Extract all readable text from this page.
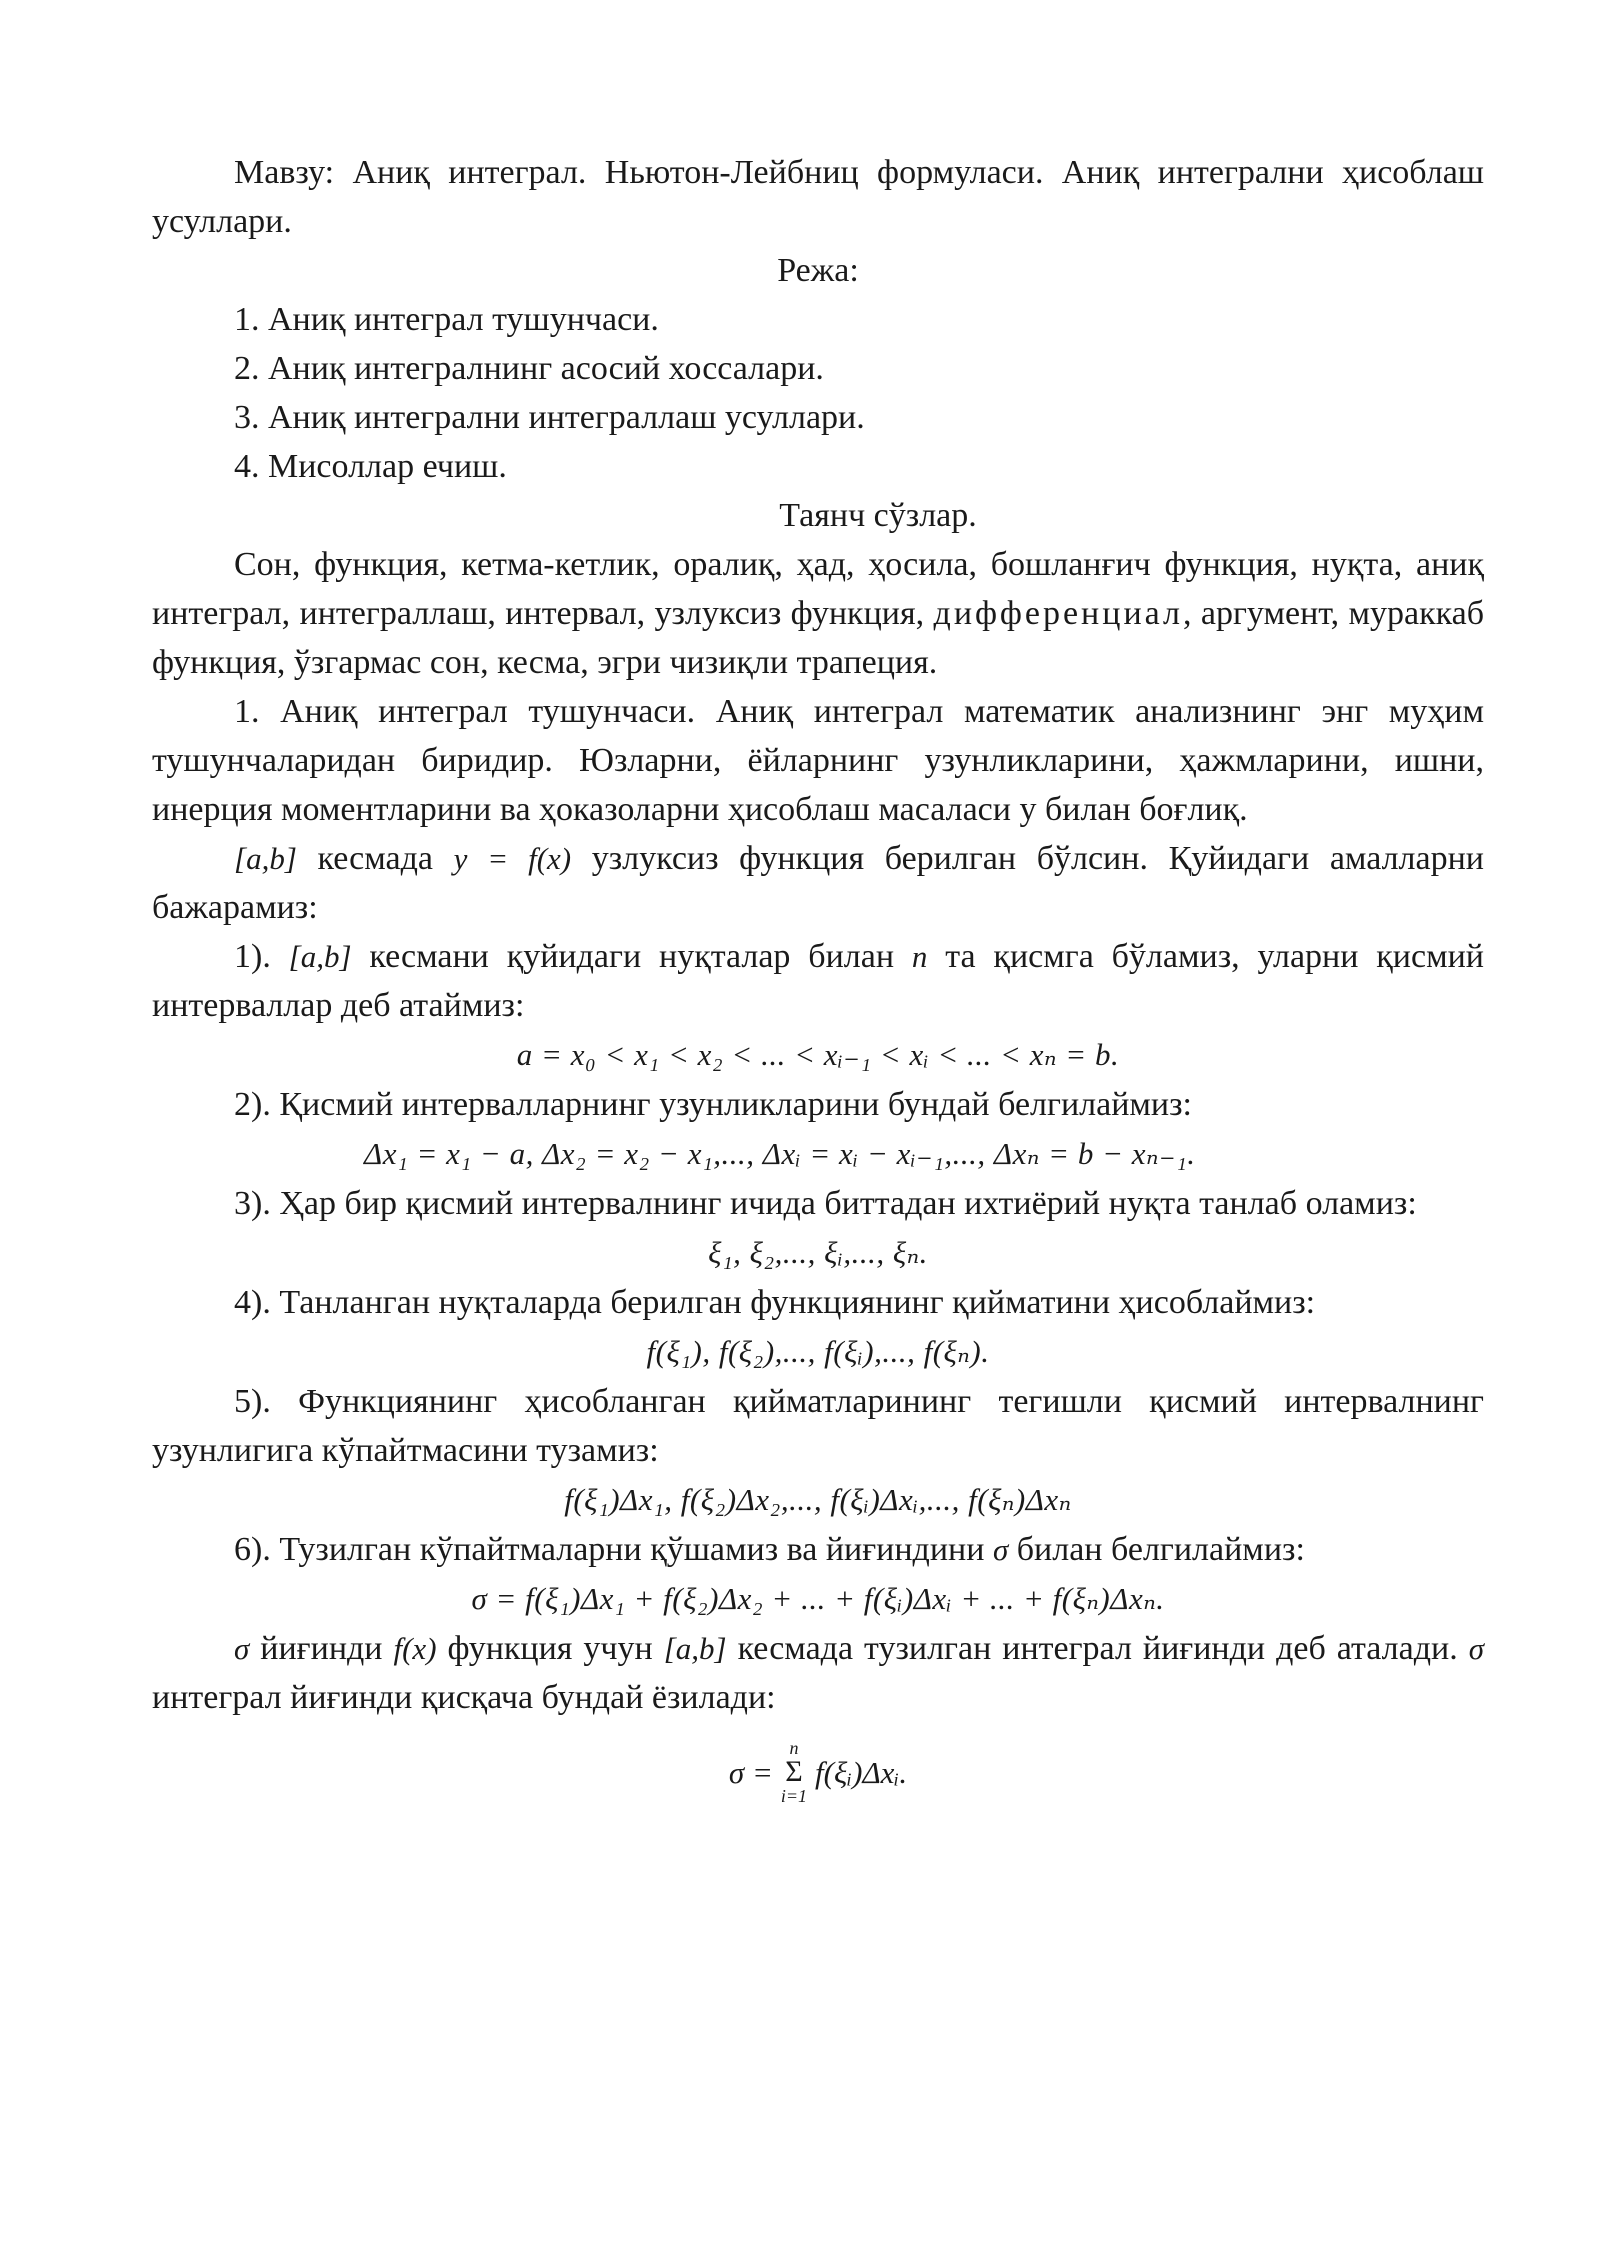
Мавзу: Аниқ интеграл. Ньютон-Лейбниц формуласи. Аниқ интегрални ҳисоблаш усуллари.

Режа:

1. Аниқ интеграл тушунчаси.

2. Аниқ интегралнинг асосий хоссалари.

3. Аниқ интегрални интеграллаш усуллари.

4. Мисоллар ечиш.

Таянч сўзлар.

Сон, функция, кетма-кетлик, оралиқ, ҳад, ҳосила, бошланғич функция, нуқта, аниқ интеграл, интеграллаш, интервал, узлуксиз функция, дифференциал, аргумент, мураккаб функция, ўзгармас сон, кесма, эгри чизиқли трапеция.

1. Аниқ интеграл тушунчаси. Аниқ интеграл математик анализнинг энг муҳим тушунчаларидан биридир. Юзларни, ёйларнинг узунликларини, ҳажмларини, ишни, инерция моментларини ва ҳоказоларни ҳисоблаш масаласи у билан боғлиқ.

[a,b] кесмада y = f(x) узлуксиз функция берилган бўлсин. Қуйидаги амалларни бажарамиз:

1). [a,b] кесмани қуйидаги нуқталар билан n та қисмга бўламиз, уларни қисмий интерваллар деб атаймиз:

a = x₀ < x₁ < x₂ < ... < xᵢ₋₁ < xᵢ < ... < xₙ = b.

2). Қисмий интервалларнинг узунликларини бундай белгилаймиз:

Δx₁ = x₁ − a, Δx₂ = x₂ − x₁,..., Δxᵢ = xᵢ − xᵢ₋₁,..., Δxₙ = b − xₙ₋₁.

3). Ҳар бир қисмий интервалнинг ичида биттадан ихтиёрий нуқта танлаб оламиз:

ξ₁, ξ₂,..., ξᵢ,..., ξₙ.

4). Танланган нуқталарда берилган функциянинг қийматини ҳисоблаймиз:

f(ξ₁), f(ξ₂),..., f(ξᵢ),..., f(ξₙ).

5). Функциянинг ҳисобланган қийматларининг тегишли қисмий интервалнинг узунлигига кўпайтмасини тузамиз:

f(ξ₁)Δx₁, f(ξ₂)Δx₂,..., f(ξᵢ)Δxᵢ,..., f(ξₙ)Δxₙ

6). Тузилган кўпайтмаларни қўшамиз ва йиғиндини σ билан белгилаймиз:

σ = f(ξ₁)Δx₁ + f(ξ₂)Δx₂ + ... + f(ξᵢ)Δxᵢ + ... + f(ξₙ)Δxₙ.

σ йиғинди f(x) функция учун [a,b] кесмада тузилган интеграл йиғинди деб аталади. σ интеграл йиғинди қисқача бундай ёзилади:

σ =
n
Σ
i=1
f(ξᵢ)Δxᵢ.
